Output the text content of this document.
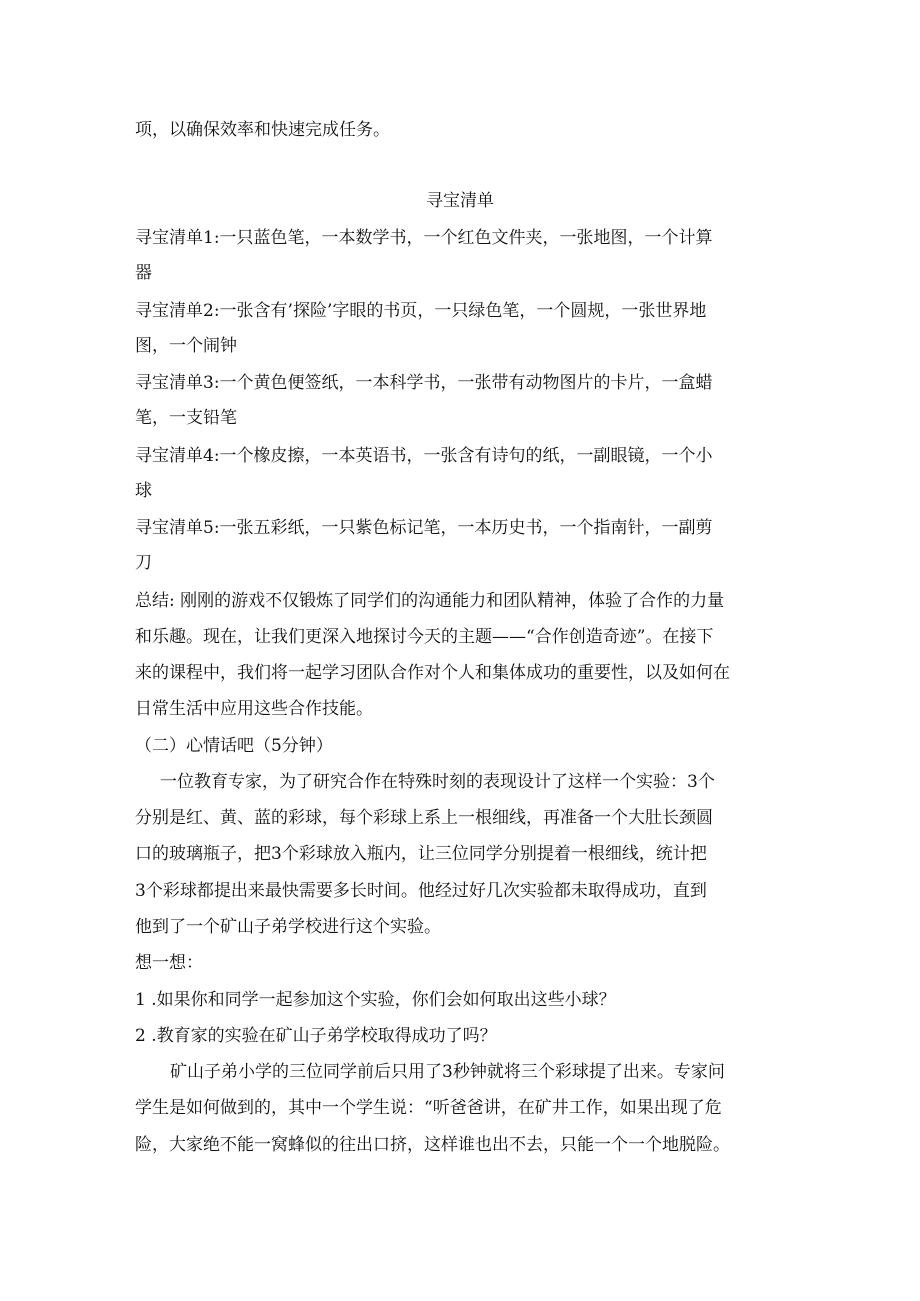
项，以确保效率和快速完成任务。
寻宝清单
寻宝清单1:一只蓝色笔，一本数学书，一个红色文件夹，一张地图，一个计算
器
寻宝清单2:一张含有’探险’字眼的书页，一只绿色笔，一个圆规，一张世界地
图，一个闹钟
寻宝清单3:一个黄色便签纸，一本科学书，一张带有动物图片的卡片，一盒蜡
笔，一支铅笔
寻宝清单4:一个橡皮擦，一本英语书，一张含有诗句的纸，一副眼镜，一个小
球
寻宝清单5:一张五彩纸，一只紫色标记笔，一本历史书，一个指南针，一副剪
刀
总结: 刚刚的游戏不仅锻炼了同学们的沟通能力和团队精神，体验了合作的力量
和乐趣。现在，让我们更深入地探讨今天的主题——“合作创造奇迹”。在接下
来的课程中，我们将一起学习团队合作对个人和集体成功的重要性，以及如何在
日常生活中应用这些合作技能。
（二）心情话吧（5分钟）
一位教育专家，为了研究合作在特殊时刻的表现设计了这样一个实验：3个
分别是红、黄、蓝的彩球，每个彩球上系上一根细线，再准备一个大肚长颈圆
口的玻璃瓶子，把3个彩球放入瓶内，让三位同学分别提着一根细线，统计把
3个彩球都提出来最快需要多长时间。他经过好几次实验都未取得成功，直到
他到了一个矿山子弟学校进行这个实验。
想一想：
1 .如果你和同学一起参加这个实验，你们会如何取出这些小球？
2 .教育家的实验在矿山子弟学校取得成功了吗？
矿山子弟小学的三位同学前后只用了3秒钟就将三个彩球提了出来。专家问
学生是如何做到的，其中一个学生说：“听爸爸讲，在矿井工作，如果出现了危
险，大家绝不能一窝蜂似的往出口挤，这样谁也出不去，只能一个一个地脱险。
